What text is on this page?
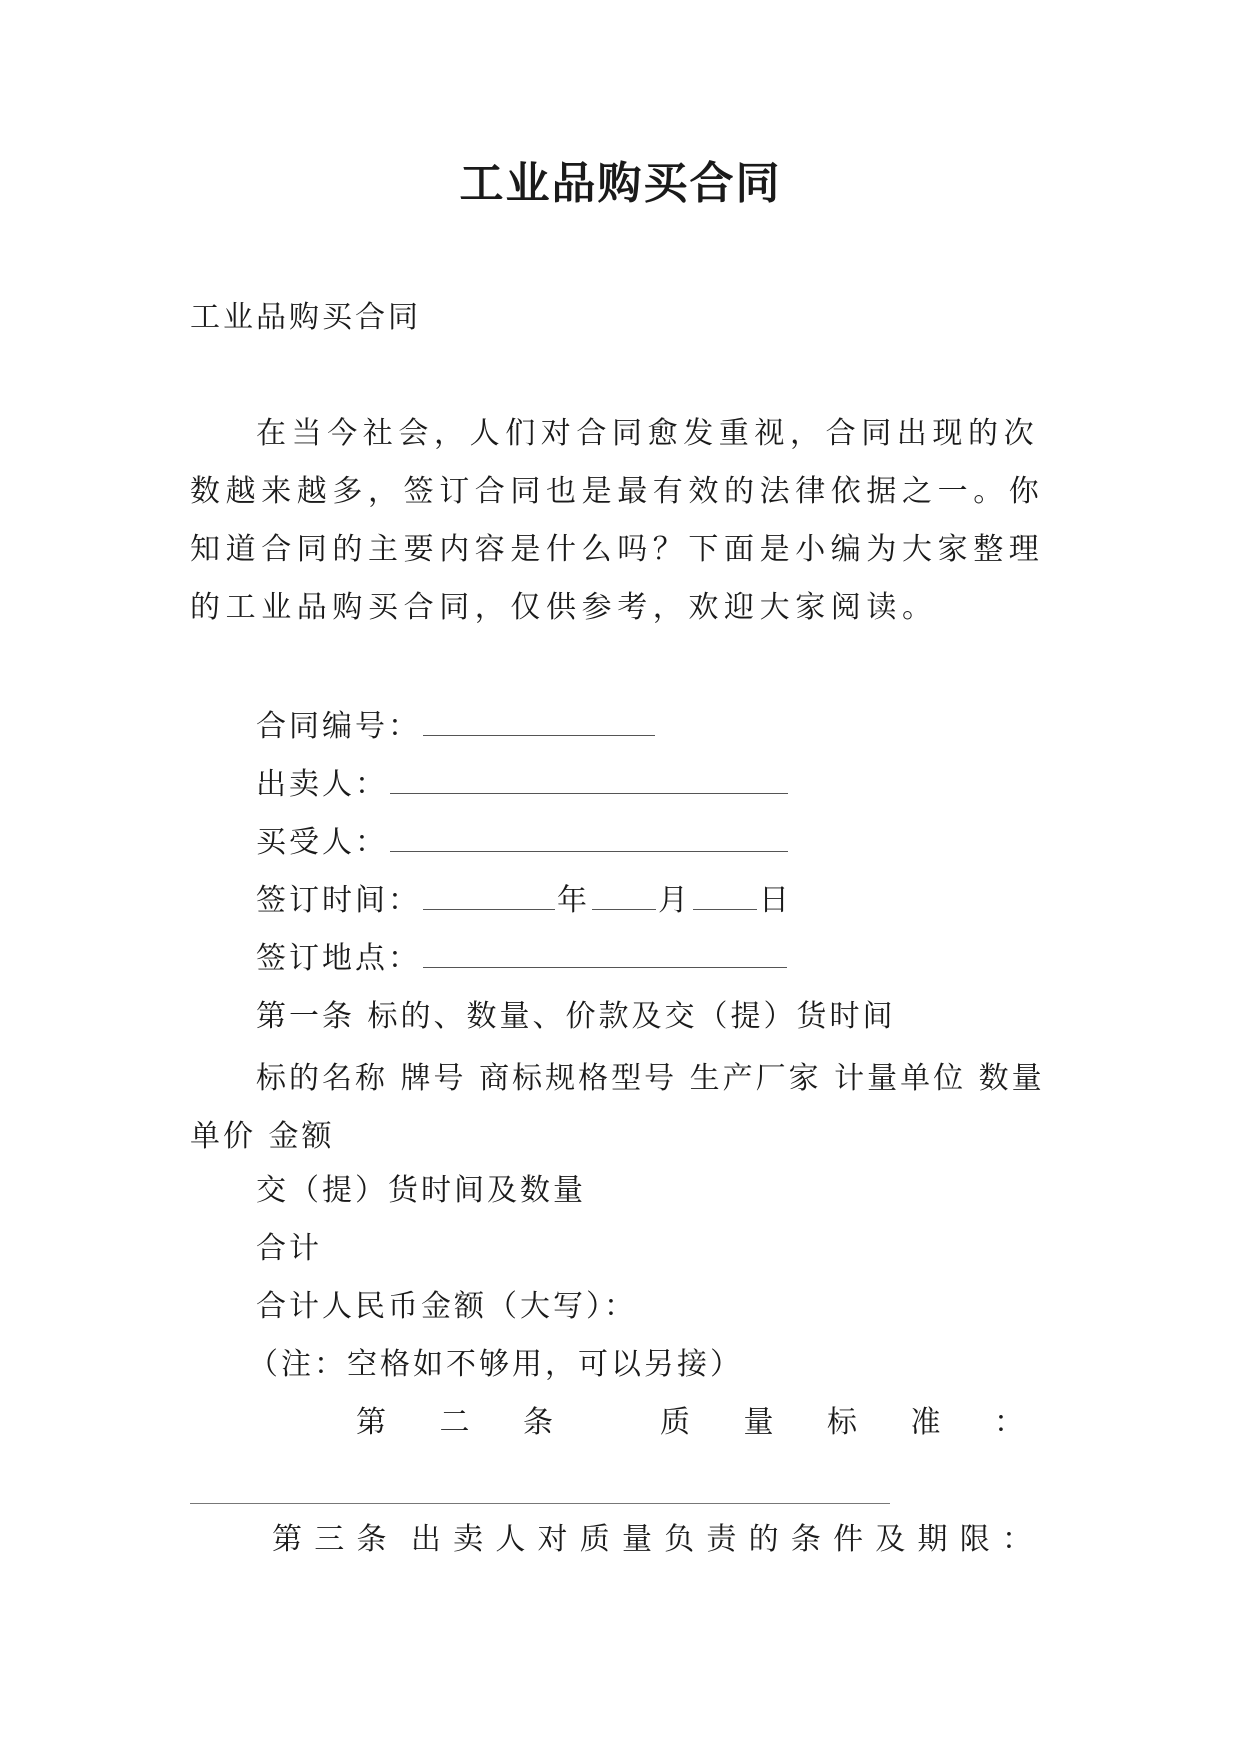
工业品购买合同
工业品购买合同
在当今社会，人们对合同愈发重视，合同出现的次数越来越多，签订合同也是最有效的法律依据之一。你知道合同的主要内容是什么吗？下面是小编为大家整理的工业品购买合同，仅供参考，欢迎大家阅读。
合同编号：
出卖人：
买受人：
签订时间：	年 月 日
签订地点：
第一条 标的、数量、价款及交（提）货时间
标的名称 牌号 商标规格型号 生产厂家 计量单位 数量 单价 金额
交（提）货时间及数量
合计
合计人民币金额（大写）：
（注：空格如不够用，可以另接）
第 二 条	质 量 标 准 ：
第 三 条 出 卖 人 对 质 量 负 责 的 条 件 及 期 限 ：
